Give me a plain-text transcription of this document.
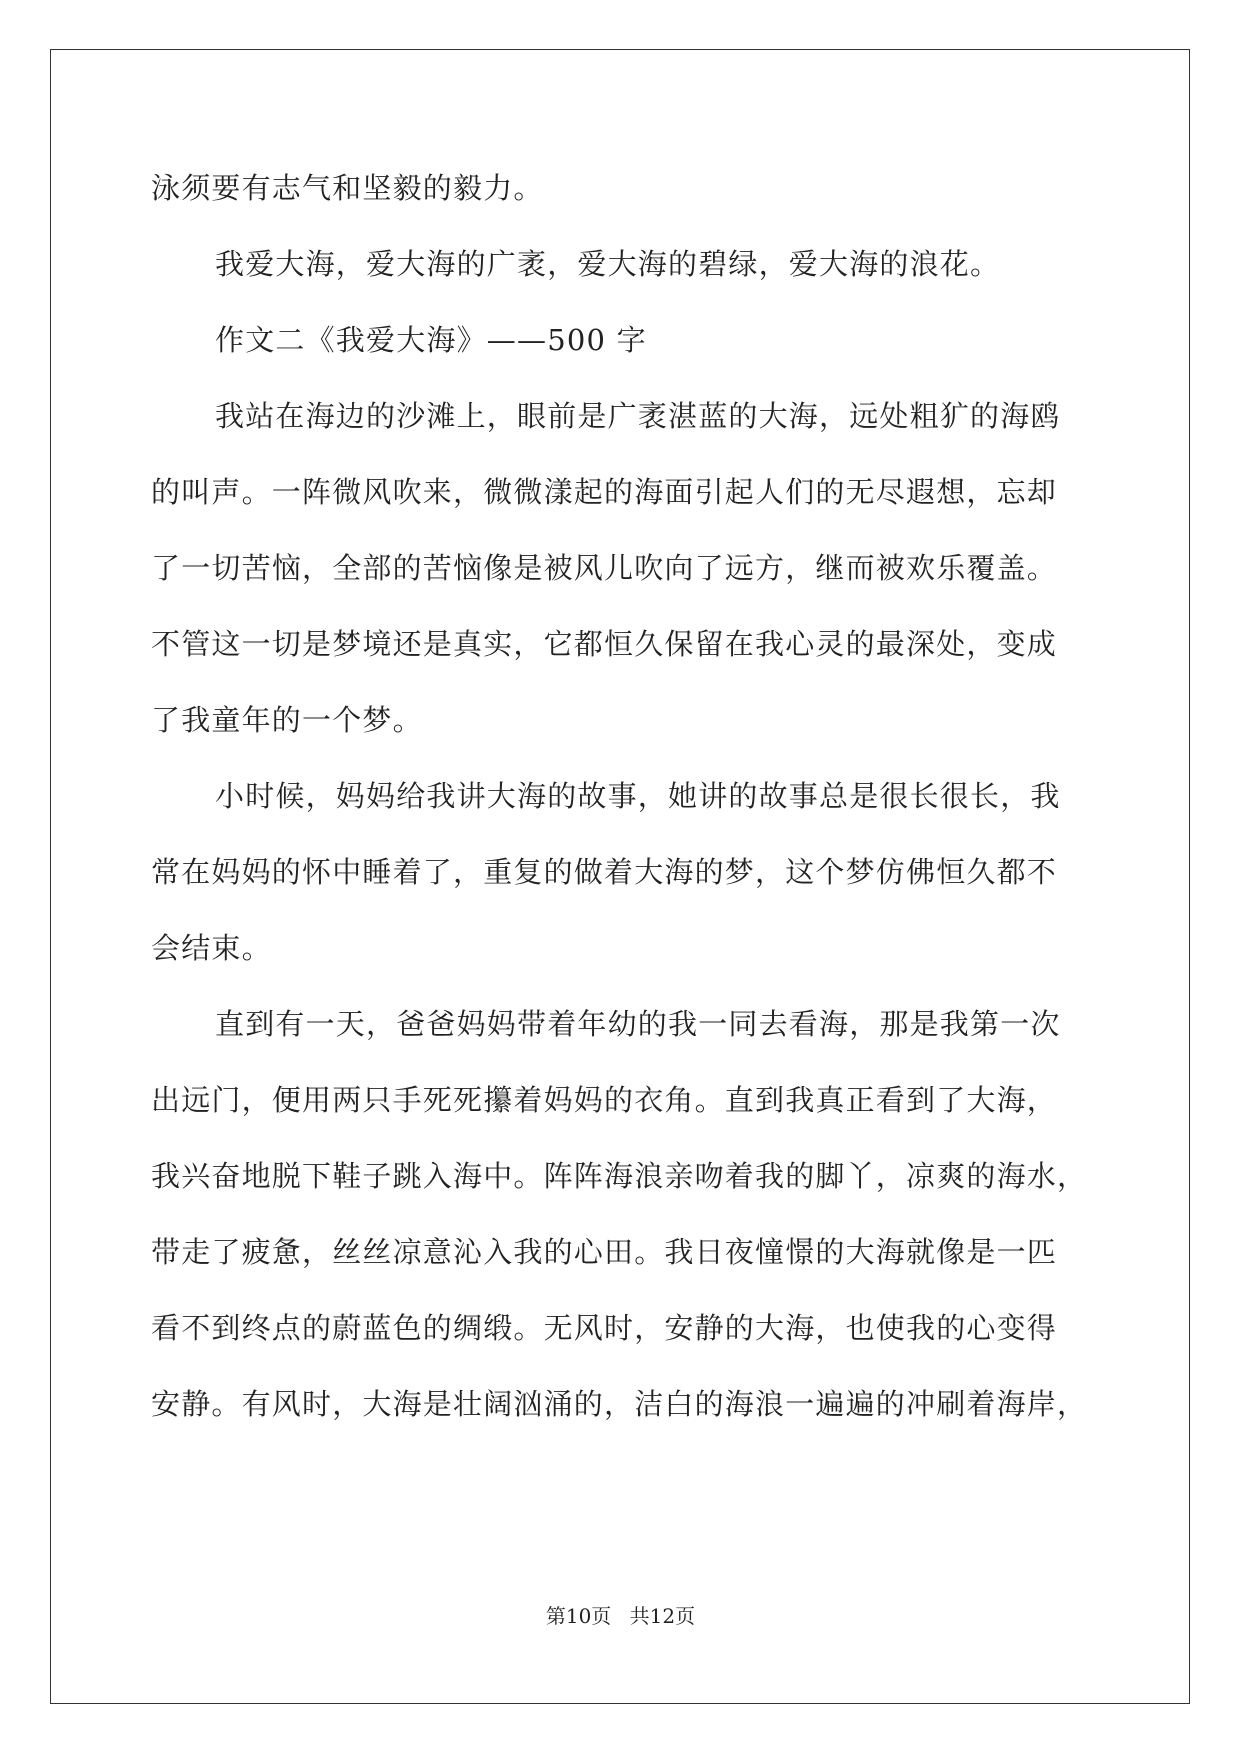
泳须要有志气和坚毅的毅力。
我爱大海，爱大海的广袤，爱大海的碧绿，爱大海的浪花。
作文二《我爱大海》——500 字
我站在海边的沙滩上，眼前是广袤湛蓝的大海，远处粗犷的海鸥
的叫声。一阵微风吹来，微微漾起的海面引起人们的无尽遐想，忘却
了一切苦恼，全部的苦恼像是被风儿吹向了远方，继而被欢乐覆盖。
不管这一切是梦境还是真实，它都恒久保留在我心灵的最深处，变成
了我童年的一个梦。
小时候，妈妈给我讲大海的故事，她讲的故事总是很长很长，我
常在妈妈的怀中睡着了，重复的做着大海的梦，这个梦仿佛恒久都不
会结束。
直到有一天，爸爸妈妈带着年幼的我一同去看海，那是我第一次
出远门，便用两只手死死攥着妈妈的衣角。直到我真正看到了大海，
我兴奋地脱下鞋子跳入海中。阵阵海浪亲吻着我的脚丫，凉爽的海水，
带走了疲惫，丝丝凉意沁入我的心田。我日夜憧憬的大海就像是一匹
看不到终点的蔚蓝色的绸缎。无风时，安静的大海，也使我的心变得
安静。有风时，大海是壮阔汹涌的，洁白的海浪一遍遍的冲刷着海岸，
第10页 共12页
